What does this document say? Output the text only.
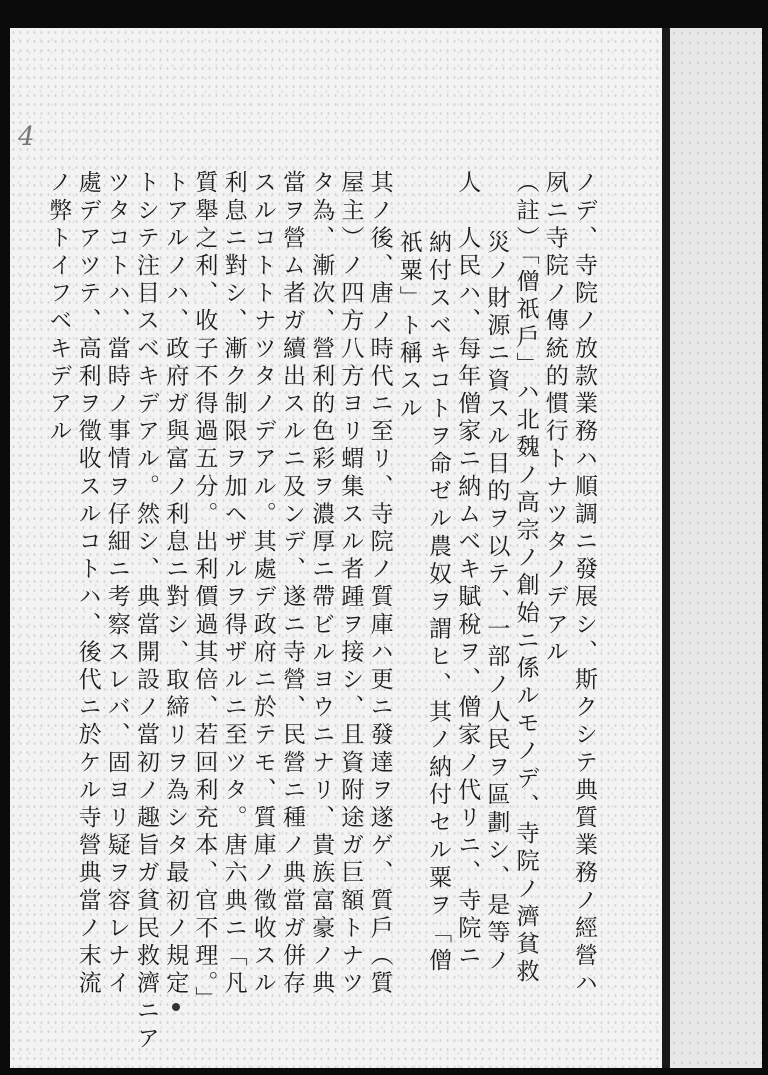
4
ノデ、寺院ノ放款業務ハ順調ニ發展シ、斯クシテ典質業務ノ經營ハ
夙ニ寺院ノ傳統的慣行トナツタノデアル
（註）「僧祇戶」ハ北魏ノ高宗ノ創始ニ係ルモノデ、寺院ノ濟貧救
災ノ財源ニ資スル目的ヲ以テ、一部ノ人民ヲ區劃シ、是等ノ
人　人民ハ、每年僧家ニ納ムベキ賦稅ヲ、僧家ノ代リニ、寺院ニ
納付スベキコトヲ命ゼル農奴ヲ謂ヒ、其ノ納付セル粟ヲ「僧
祇粟」ト稱スル
其ノ後、唐ノ時代ニ至リ、寺院ノ質庫ハ更ニ發達ヲ遂ゲ、質戶（質
屋主）ノ四方八方ヨリ蝟集スル者踵ヲ接シ、且資附途ガ巨額トナツ
タ為、漸次、營利的色彩ヲ濃厚ニ帶ビルヨウニナリ、貴族富豪ノ典
當ヲ營ム者ガ續出スルニ及ンデ、遂ニ寺營、民營ニ種ノ典當ガ併存
スルコトトナツタノデアル。其處デ政府ニ於テモ、質庫ノ徵收スル
利息ニ對シ、漸ク制限ヲ加ヘザルヲ得ザルニ至ツタ。唐六典ニ「凡
質舉之利、收子不得過五分。出利價過其倍、若回利充本、官不理。」
トアルノハ、政府ガ與富ノ利息ニ對シ、取締リヲ為シタ最初ノ規定
トシテ注目スベキデアル。然シ、典當開設ノ當初ノ趣旨ガ貧民救濟ニア
ツタコトハ、當時ノ事情ヲ仔細ニ考察スレバ、固ヨリ疑ヲ容レナイ
處デアツテ、高利ヲ徵收スルコトハ、後代ニ於ケル寺營典當ノ末流
ノ弊トイフベキデアル
